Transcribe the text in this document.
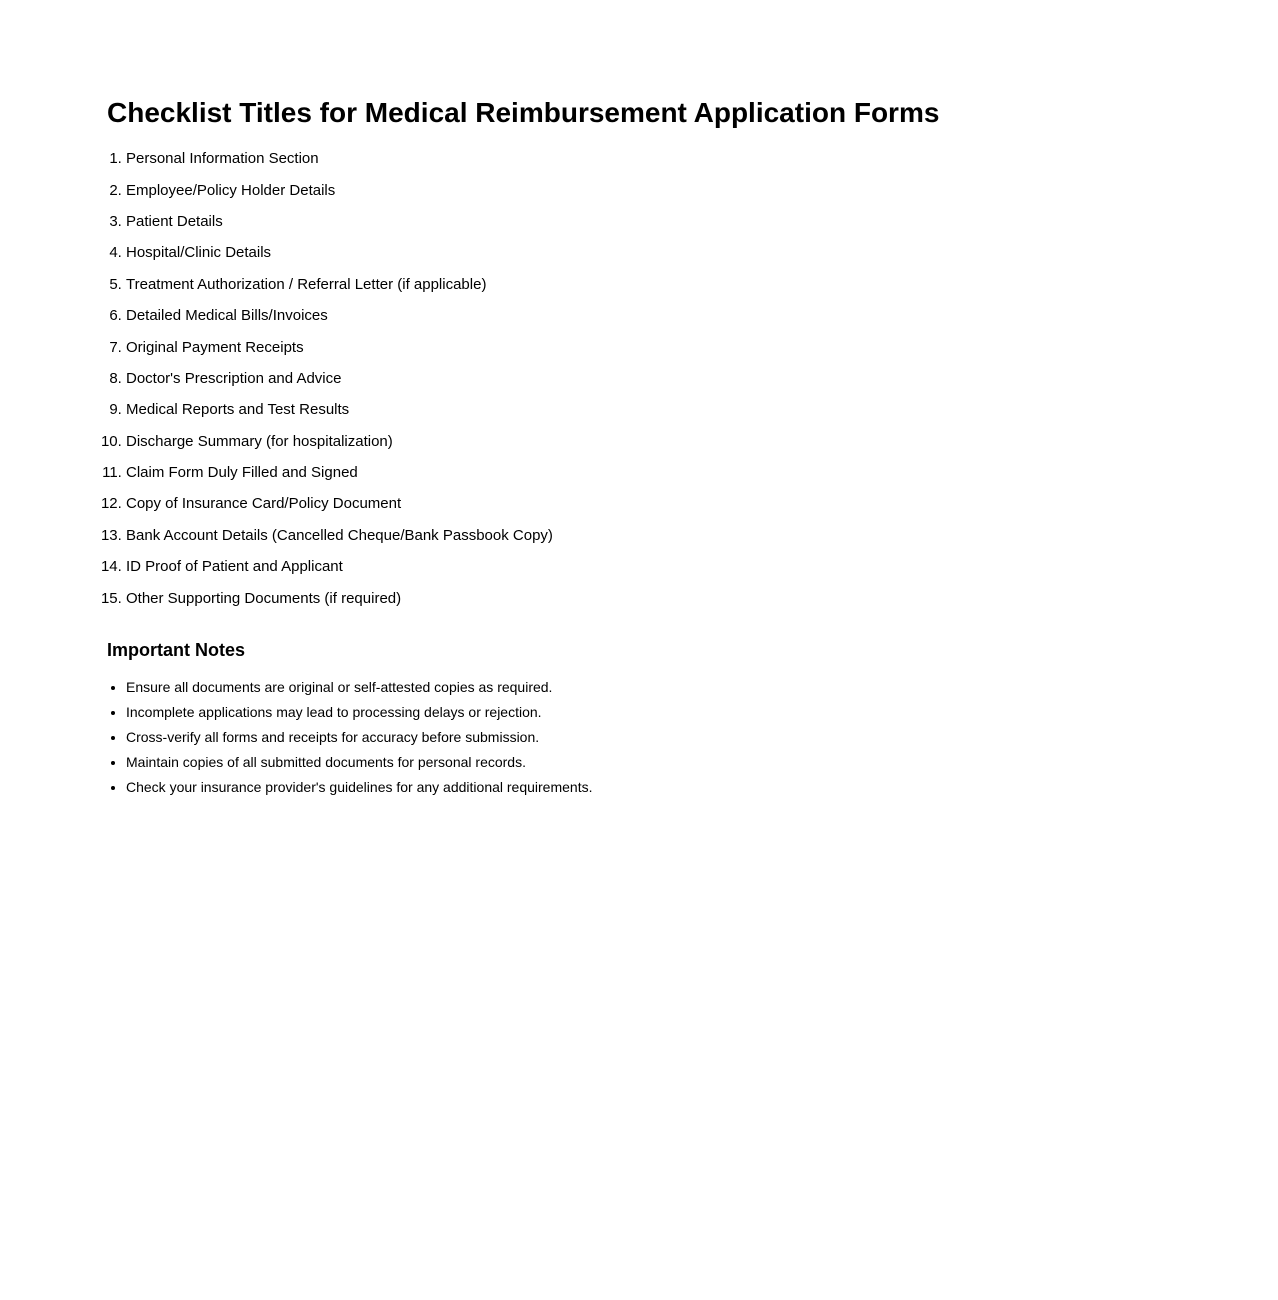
Checklist Titles for Medical Reimbursement Application Forms
1. Personal Information Section
2. Employee/Policy Holder Details
3. Patient Details
4. Hospital/Clinic Details
5. Treatment Authorization / Referral Letter (if applicable)
6. Detailed Medical Bills/Invoices
7. Original Payment Receipts
8. Doctor's Prescription and Advice
9. Medical Reports and Test Results
10. Discharge Summary (for hospitalization)
11. Claim Form Duly Filled and Signed
12. Copy of Insurance Card/Policy Document
13. Bank Account Details (Cancelled Cheque/Bank Passbook Copy)
14. ID Proof of Patient and Applicant
15. Other Supporting Documents (if required)
Important Notes
• Ensure all documents are original or self-attested copies as required.
• Incomplete applications may lead to processing delays or rejection.
• Cross-verify all forms and receipts for accuracy before submission.
• Maintain copies of all submitted documents for personal records.
• Check your insurance provider's guidelines for any additional requirements.
